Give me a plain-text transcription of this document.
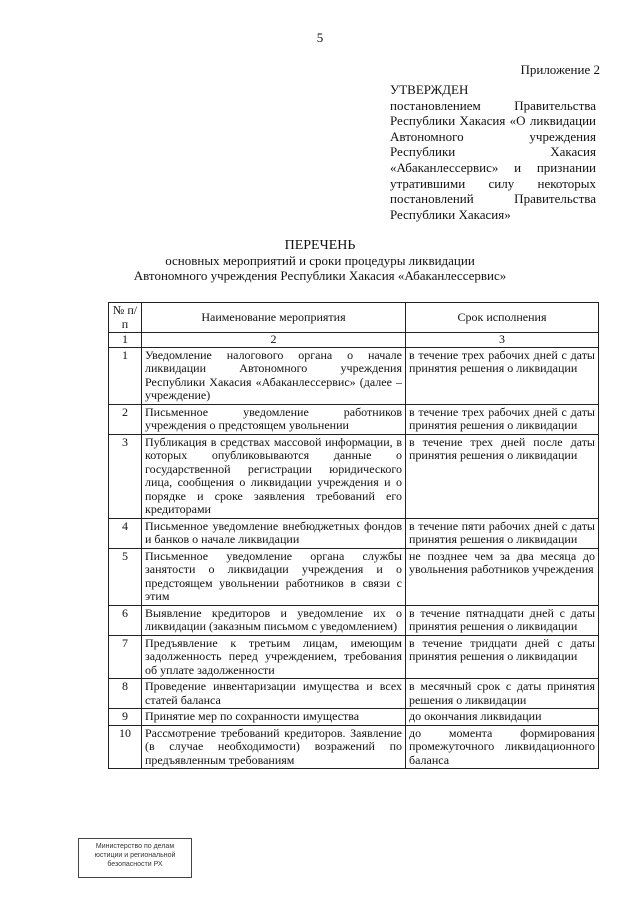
5
Приложение 2
УТВЕРЖДЕН
постановлением Правительства Республики Хакасия «О ликвидации Автономного учреждения Республики Хакасия «Абаканлессервис» и признании утратившими силу некоторых постановлений Правительства Республики Хакасия»
ПЕРЕЧЕНЬ
основных мероприятий и сроки процедуры ликвидации
Автономного учреждения Республики Хакасия «Абаканлессервис»
№ п/п	Наименование мероприятия	Срок исполнения
1	2	3
1	Уведомление налогового органа о начале ликвидации Автономного учреждения Республики Хакасия «Абаканлессервис» (далее – учреждение)	в течение трех рабочих дней с даты принятия решения о ликвидации
2	Письменное уведомление работников учреждения о предстоящем увольнении	в течение трех рабочих дней с даты принятия решения о ликвидации
3	Публикация в средствах массовой информации, в которых опубликовываются данные о государственной регистрации юридического лица, сообщения о ликвидации учреждения и о порядке и сроке заявления требований его кредиторами	в течение трех дней после даты принятия решения о ликвидации
4	Письменное уведомление внебюджетных фондов и банков о начале ликвидации	в течение пяти рабочих дней с даты принятия решения о ликвидации
5	Письменное уведомление органа службы занятости о ликвидации учреждения и о предстоящем увольнении работников в связи с этим	не позднее чем за два месяца до увольнения работников учреждения
6	Выявление кредиторов и уведомление их о ликвидации (заказным письмом с уведомлением)	в течение пятнадцати дней с даты принятия решения о ликвидации
7	Предъявление к третьим лицам, имеющим задолженность перед учреждением, требования об уплате задолженности	в течение тридцати дней с даты принятия решения о ликвидации
8	Проведение инвентаризации имущества и всех статей баланса	в месячный срок с даты принятия решения о ликвидации
9	Принятие мер по сохранности имущества	до окончания ликвидации
10	Рассмотрение требований кредиторов. Заявление (в случае необходимости) возражений по предъявленным требованиям	до момента формирования промежуточного ликвидационного баланса
Министерство по делам
юстиции и региональной
безопасности РХ
